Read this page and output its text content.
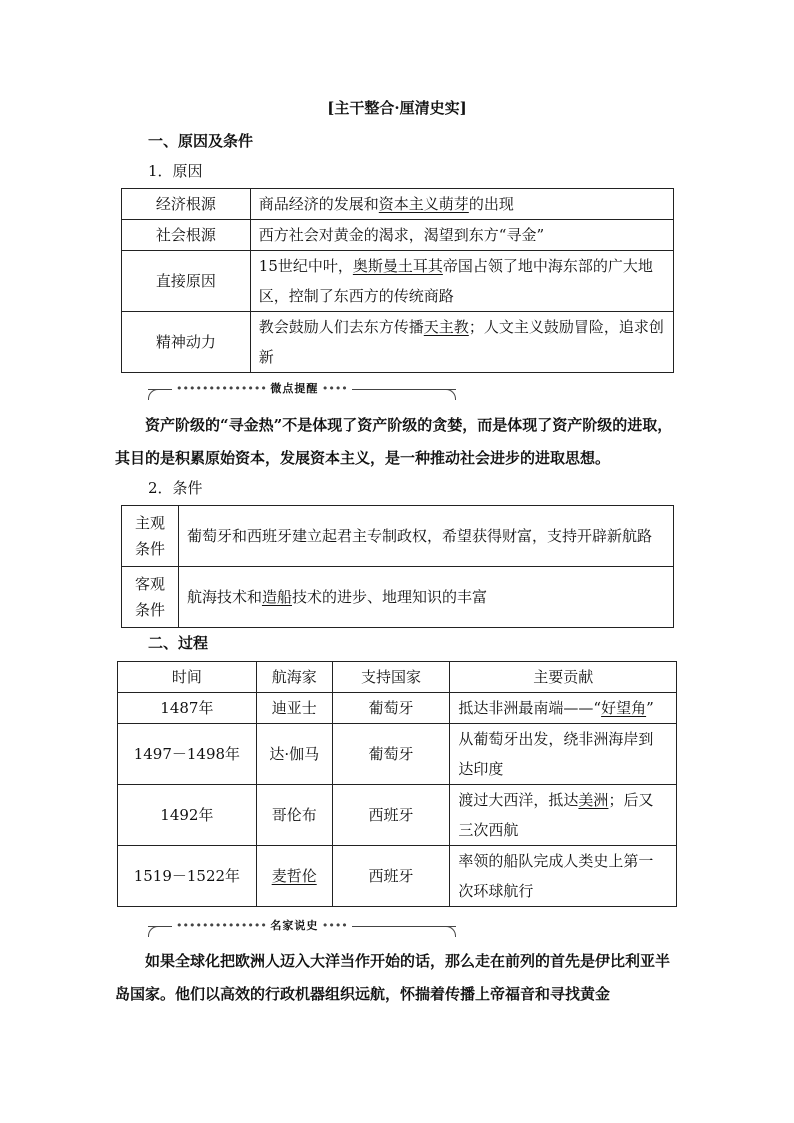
[主干整合·厘清史实]
一、原因及条件
1．原因
经济根源	商品经济的发展和资本主义萌芽的出现
社会根源	西方社会对黄金的渴求，渴望到东方“寻金”
直接原因	15世纪中叶，奥斯曼土耳其帝国占领了地中海东部的广大地区，控制了东西方的传统商路
精神动力	教会鼓励人们去东方传播天主教；人文主义鼓励冒险，追求创新
•••••••••••••• 微点提醒 ••••
资产阶级的“寻金热”不是体现了资产阶级的贪婪，而是体现了资产阶级的进取，其目的是积累原始资本，发展资本主义，是一种推动社会进步的进取思想。
2．条件
主观条件	葡萄牙和西班牙建立起君主专制政权，希望获得财富，支持开辟新航路
客观条件	航海技术和造船技术的进步、地理知识的丰富
二、过程
时间	航海家	支持国家	主要贡献
1487年	迪亚士	葡萄牙	抵达非洲最南端——“好望角”
1497－1498年	达·伽马	葡萄牙	从葡萄牙出发，绕非洲海岸到达印度
1492年	哥伦布	西班牙	渡过大西洋，抵达美洲；后又三次西航
1519－1522年	麦哲伦	西班牙	率领的船队完成人类史上第一次环球航行
•••••••••••••• 名家说史 ••••
如果全球化把欧洲人迈入大洋当作开始的话，那么走在前列的首先是伊比利亚半岛国家。他们以高效的行政机器组织远航，怀揣着传播上帝福音和寻找黄金
